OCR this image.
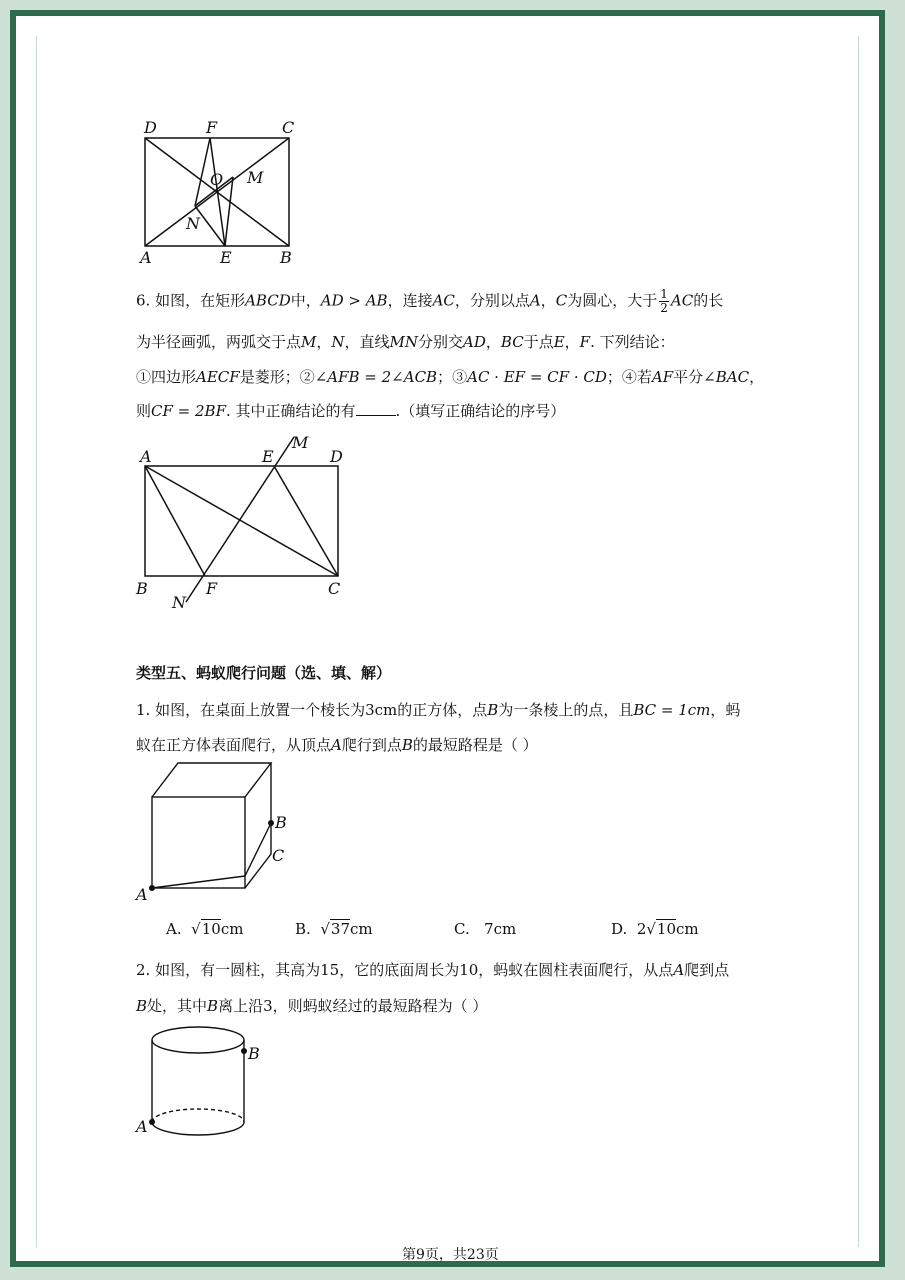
D	F	C
O M
N
A	E	B
6. 如图，在矩形ABCD中，AD > AB，连接AC，分别以点A，C为圆心，大于 $\frac{1}{2}$ AC的长
为半径画弧，两弧交于点M，N，直线MN分别交AD，BC于点E，F. 下列结论：
①四边形AECF是菱形；②∠AFB = 2∠ACB；③AC · EF = CF · CD；④若AF平分∠BAC，
则CF = 2BF. 其中正确结论的有	.（填写正确结论的序号）
A	E
M
D
B	F	C
N
类型五、蚂蚁爬行问题（选、填、解）
1. 如图，在桌面上放置一个棱长为3cm的正方体，点B为一条棱上的点，且BC = 1cm，蚂
蚁在正方体表面爬行，从顶点A爬行到点B的最短路程是（ ）
A
B
C
A. √10cm	B. √37cm	C. 7cm	D. 2√10cm
2. 如图，有一圆柱，其高为15，它的底面周长为10，蚂蚁在圆柱表面爬行，从点A爬到点
B处，其中B离上沿3，则蚂蚁经过的最短路程为（ ）
B
A
第9页，共23页
